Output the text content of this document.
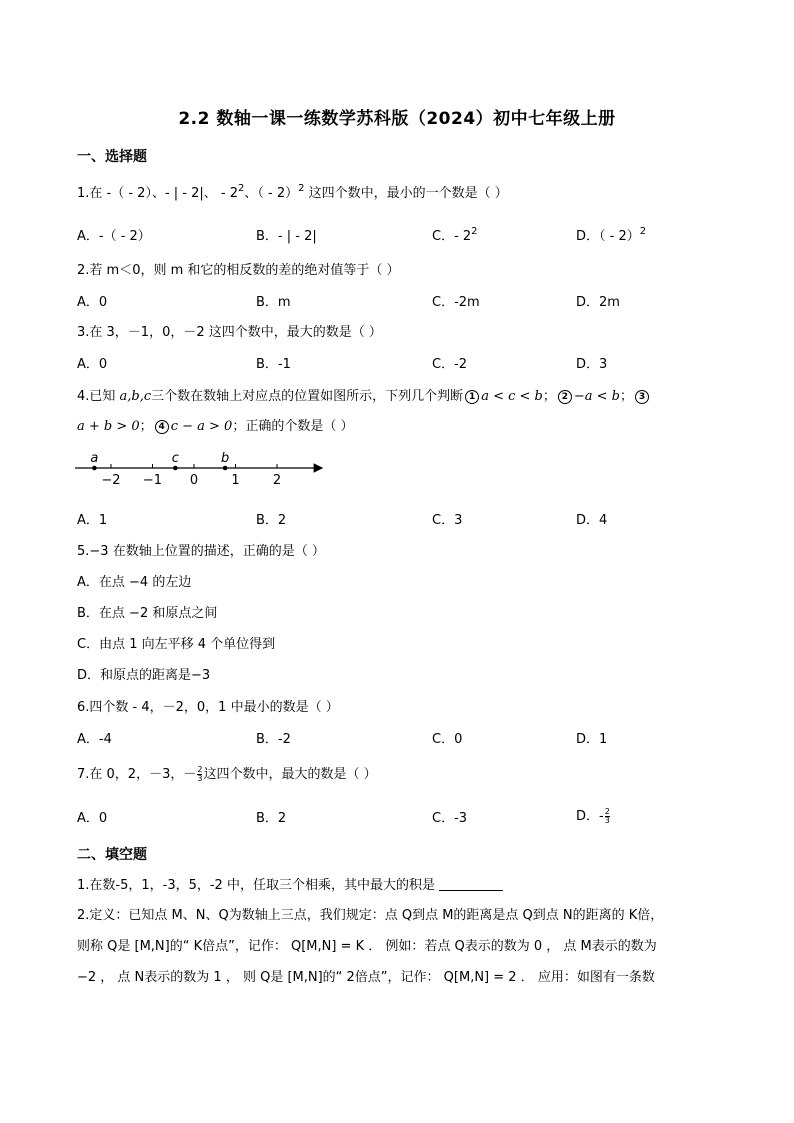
2.2 数轴一课一练数学苏科版（2024）初中七年级上册
一、选择题
1.在 -（ - 2）、- | - 2|、 - $2^2$、（ - 2）$^2$ 这四个数中，最小的一个数是（ ）
A．-（ - 2）	B．- | - 2|	C．- $2^2$	D．（ - 2）$^2$
2.若 m＜0，则 m 和它的相反数的差的绝对值等于（ ）
A．0	B．m	C．-2m	D．2m
3.在 3，－1，0，－2 这四个数中，最大的数是（ ）
A．0	B．-1	C．-2	D．3
4.已知 a,b,c三个数在数轴上对应点的位置如图所示，下列几个判断 1 a < c < b； 2 −a < b； 3
a + b > 0； 4 c − a > 0；正确的个数是（ ）
−2 −1 0	1	2
a	c	b
A．1	B．2	C．3	D．4
5.−3 在数轴上位置的描述，正确的是（ ）
A．在点 −4 的左边
B．在点 −2 和原点之间
C．由点 1 向左平移 4 个单位得到
D．和原点的距离是−3
6.四个数 - 4，－2，0，1 中最小的数是（ ）
A．-4	B．-2	C．0	D．1
7.在 0，2，－3，－ $\frac{2}{3}$ 这四个数中，最大的数是（ ）
A．0	B．2	C．-3	D．- $\frac{2}{3}$
二、填空题
1.在数-5，1，-3，5，-2 中，任取三个相乘，其中最大的积是
2.定义：已知点 M、N、Q为数轴上三点，我们规定：点 Q到点 M的距离是点 Q到点 N的距离的 K倍，
则称 Q是 [M,N]的“ K倍点”，记作： Q[M,N] = K ． 例如：若点 Q表示的数为 0 ， 点 M表示的数为
−2 ， 点 N表示的数为 1 ， 则 Q是 [M,N]的“ 2倍点”，记作： Q[M,N] = 2 ． 应用：如图有一条数
